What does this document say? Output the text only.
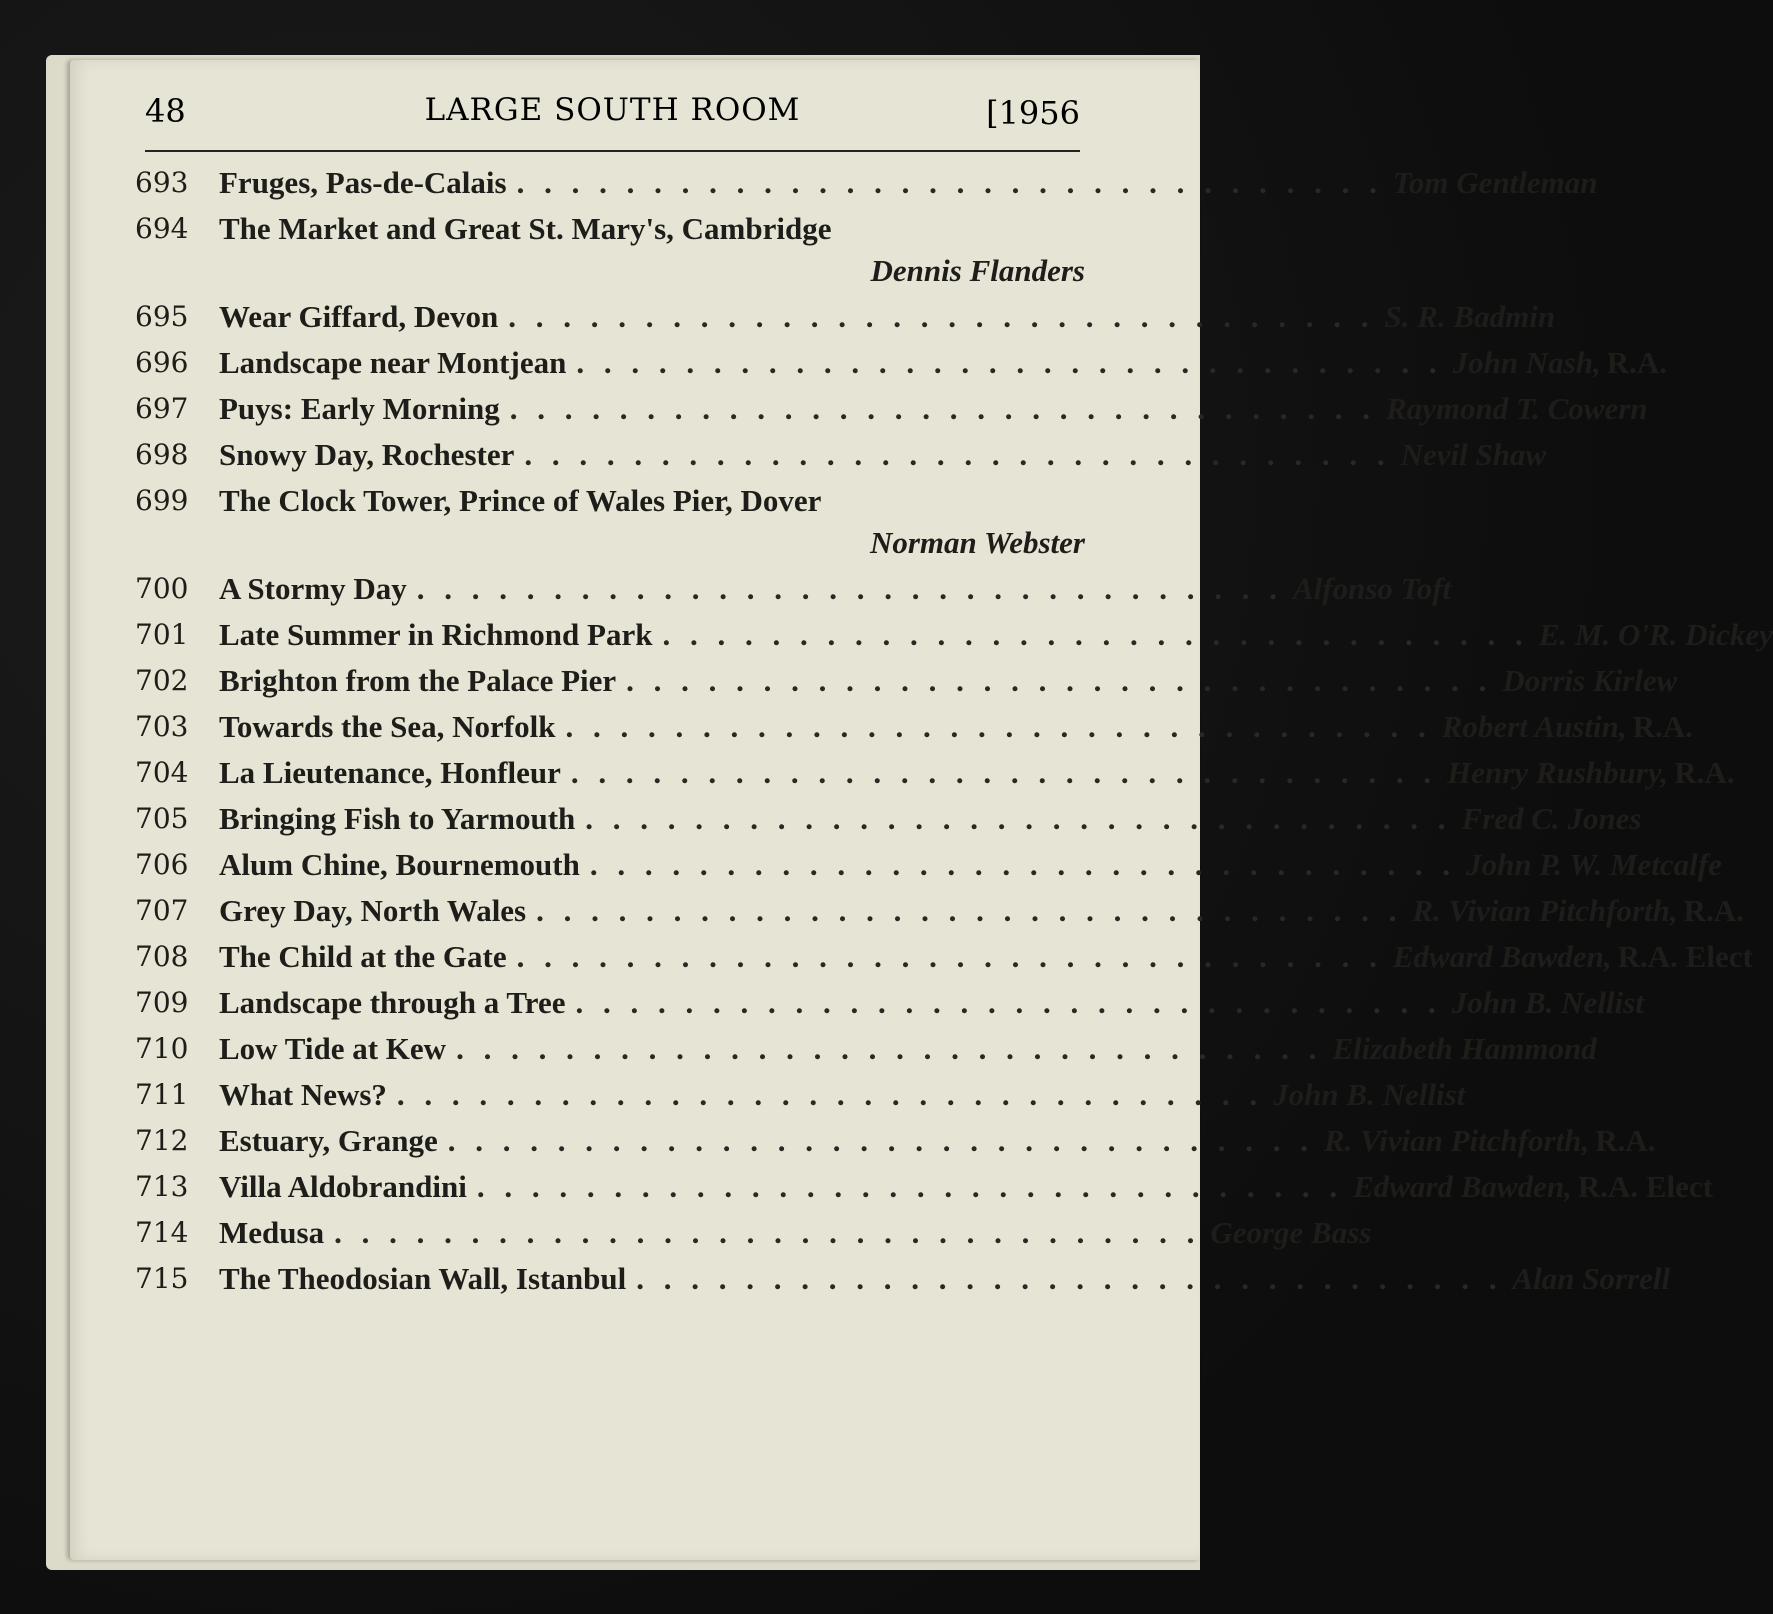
48	LARGE SOUTH ROOM	[1956
693 Fruges, Pas-de-Calais . . . . . . . . . . . . . . . . . . . . . . . . . . . . . . . . Tom Gentleman
694 The Market and Great St. Mary's, Cambridge
Dennis Flanders
695 Wear Giffard, Devon . . . . . . . . . . . . . . . . . . . . . . . . . . . . . . . . S. R. Badmin
696 Landscape near Montjean . . . . . . . . . . . . . . . . . . . . . . . . . . . . . . . . John Nash, R.A.
697 Puys: Early Morning . . . . . . . . . . . . . . . . . . . . . . . . . . . . . . . . Raymond T. Cowern
698 Snowy Day, Rochester . . . . . . . . . . . . . . . . . . . . . . . . . . . . . . . . Nevil Shaw
699 The Clock Tower, Prince of Wales Pier, Dover
Norman Webster
700 A Stormy Day . . . . . . . . . . . . . . . . . . . . . . . . . . . . . . . . Alfonso Toft
701 Late Summer in Richmond Park . . . . . . . . . . . . . . . . . . . . . . . . . . . . . . . . E. M. O'R. Dickey
702 Brighton from the Palace Pier . . . . . . . . . . . . . . . . . . . . . . . . . . . . . . . . Dorris Kirlew
703 Towards the Sea, Norfolk . . . . . . . . . . . . . . . . . . . . . . . . . . . . . . . . Robert Austin, R.A.
704 La Lieutenance, Honfleur . . . . . . . . . . . . . . . . . . . . . . . . . . . . . . . . Henry Rushbury, R.A.
705 Bringing Fish to Yarmouth . . . . . . . . . . . . . . . . . . . . . . . . . . . . . . . . Fred C. Jones
706 Alum Chine, Bournemouth . . . . . . . . . . . . . . . . . . . . . . . . . . . . . . . . John P. W. Metcalfe
707 Grey Day, North Wales . . . . . . . . . . . . . . . . . . . . . . . . . . . . . . . . R. Vivian Pitchforth, R.A.
708 The Child at the Gate . . . . . . . . . . . . . . . . . . . . . . . . . . . . . . . . Edward Bawden, R.A. Elect
709 Landscape through a Tree . . . . . . . . . . . . . . . . . . . . . . . . . . . . . . . . John B. Nellist
710 Low Tide at Kew . . . . . . . . . . . . . . . . . . . . . . . . . . . . . . . . Elizabeth Hammond
711 What News? . . . . . . . . . . . . . . . . . . . . . . . . . . . . . . . . John B. Nellist
712 Estuary, Grange . . . . . . . . . . . . . . . . . . . . . . . . . . . . . . . . R. Vivian Pitchforth, R.A.
713 Villa Aldobrandini . . . . . . . . . . . . . . . . . . . . . . . . . . . . . . . . Edward Bawden, R.A. Elect
714 Medusa . . . . . . . . . . . . . . . . . . . . . . . . . . . . . . . . George Bass
715 The Theodosian Wall, Istanbul . . . . . . . . . . . . . . . . . . . . . . . . . . . . . . . . Alan Sorrell
